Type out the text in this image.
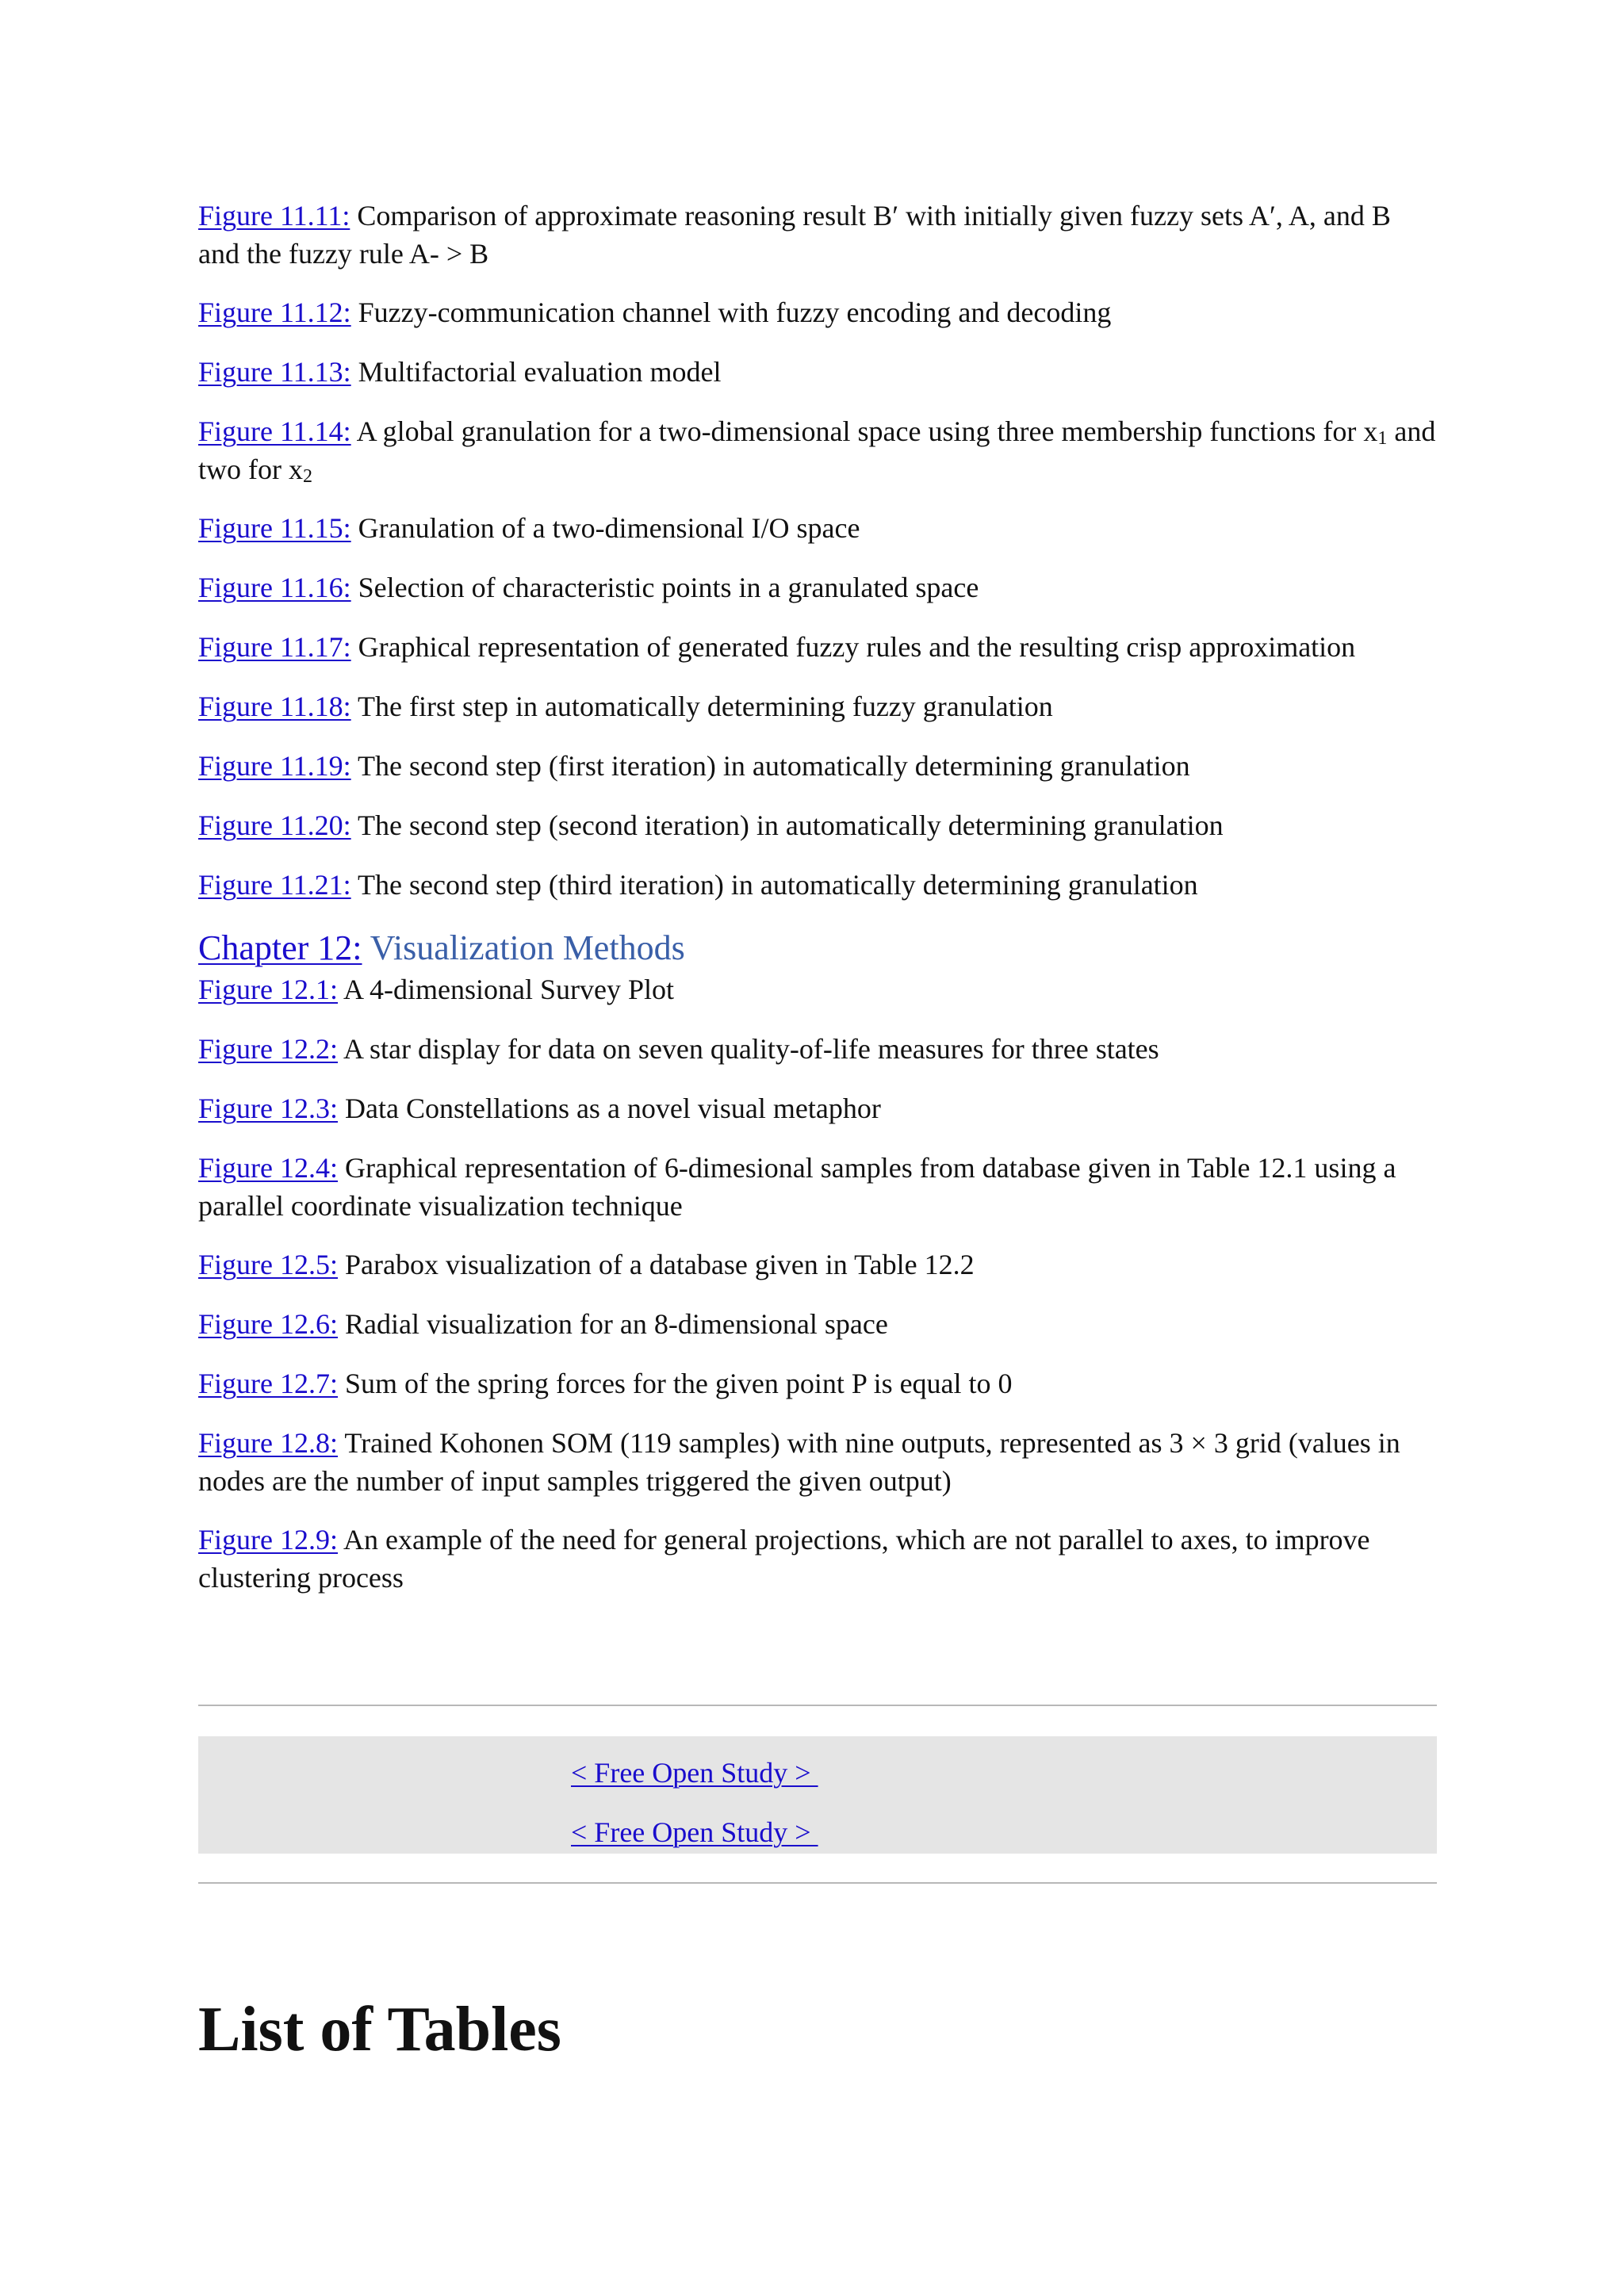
Figure 11.11: Comparison of approximate reasoning result B′ with initially given fuzzy sets A′, A, and B and the fuzzy rule A- > B

Figure 11.12: Fuzzy-communication channel with fuzzy encoding and decoding

Figure 11.13: Multifactorial evaluation model

Figure 11.14: A global granulation for a two-dimensional space using three membership functions for $x_1$ and two for $x_2$

Figure 11.15: Granulation of a two-dimensional I/O space

Figure 11.16: Selection of characteristic points in a granulated space

Figure 11.17: Graphical representation of generated fuzzy rules and the resulting crisp approximation

Figure 11.18: The first step in automatically determining fuzzy granulation

Figure 11.19: The second step (first iteration) in automatically determining granulation

Figure 11.20: The second step (second iteration) in automatically determining granulation

Figure 11.21: The second step (third iteration) in automatically determining granulation

Chapter 12: Visualization Methods

Figure 12.1: A 4-dimensional Survey Plot

Figure 12.2: A star display for data on seven quality-of-life measures for three states

Figure 12.3: Data Constellations as a novel visual metaphor

Figure 12.4: Graphical representation of 6-dimesional samples from database given in Table 12.1 using a parallel coordinate visualization technique

Figure 12.5: Parabox visualization of a database given in Table 12.2

Figure 12.6: Radial visualization for an 8-dimensional space

Figure 12.7: Sum of the spring forces for the given point P is equal to 0

Figure 12.8: Trained Kohonen SOM (119 samples) with nine outputs, represented as 3 × 3 grid (values in nodes are the number of input samples triggered the given output)

Figure 12.9: An example of the need for general projections, which are not parallel to axes, to improve clustering process

< Free Open Study >
< Free Open Study >
List of Tables
